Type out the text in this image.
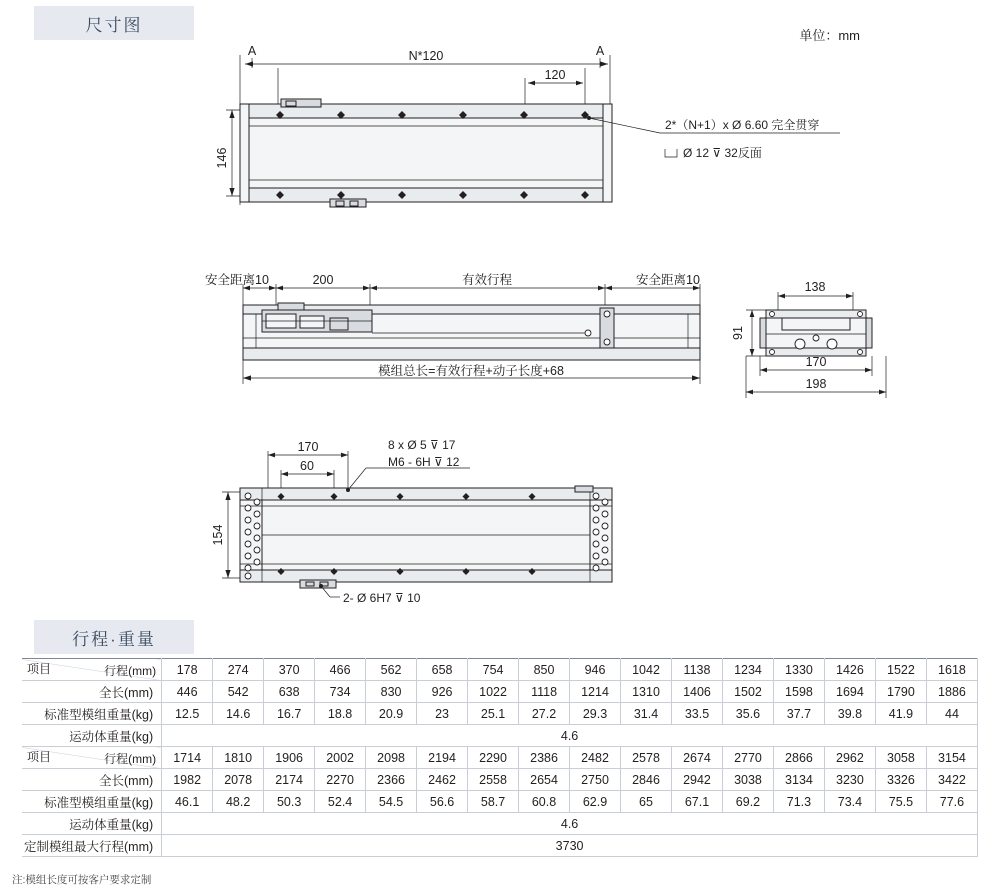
尺寸图
行程·重量
单位：mm
注:模组长度可按客户要求定制
N*120
120
A	A
146
2*（N+1）x Ø 6.60 完全贯穿
Ø 12 ⊽ 32反面
安全距离10	200	有效行程	安全距离10
模组总长=有效行程+动子长度+68
138
91
170
198
170
60
154
8 x Ø 5 ⊽ 17
M6 - 6H ⊽ 12
2- Ø 6H7 ⊽ 10
项目 行程(mm)	178	274	370	466	562	658	754	850	946	1042	1138	1234	1330	1426	1522	1618
全长(mm)	446	542	638	734	830	926	1022	1118	1214	1310	1406	1502	1598	1694	1790	1886
标准型模组重量(kg)	12.5	14.6	16.7	18.8	20.9	23	25.1	27.2	29.3	31.4	33.5	35.6	37.7	39.8	41.9	44
运动体重量(kg)	4.6															

项目 行程(mm)	1714	1810	1906	2002	2098	2194	2290	2386	2482	2578	2674	2770	2866	2962	3058	3154
全长(mm)	1982	2078	2174	2270	2366	2462	2558	2654	2750	2846	2942	3038	3134	3230	3326	3422
标准型模组重量(kg)	46.1	48.2	50.3	52.4	54.5	56.6	58.7	60.8	62.9	65	67.1	69.2	71.3	73.4	75.5	77.6
运动体重量(kg)	4.6															
定制模组最大行程(mm)	3730															
